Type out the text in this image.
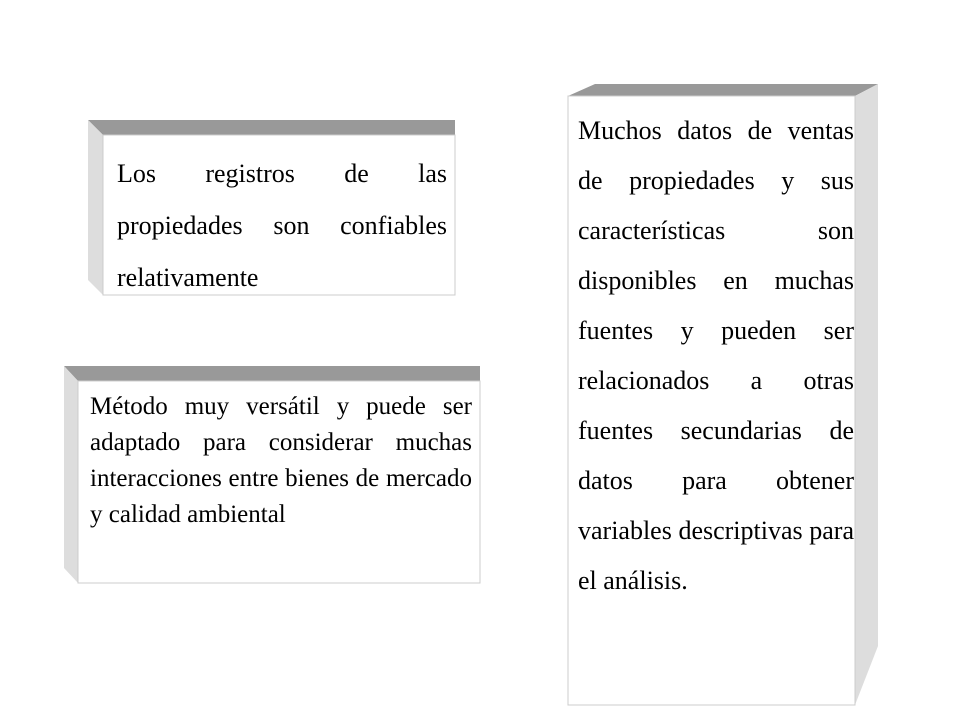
Los registros de las propiedades son confiables relativamente
Método muy versátil y puede ser adaptado para considerar muchas interacciones entre bienes de mercado y calidad ambiental
Muchos datos de ventas de propiedades y sus características son disponibles en muchas fuentes y pueden ser relacionados a otras fuentes secundarias de datos para obtener variables descriptivas para el análisis.
